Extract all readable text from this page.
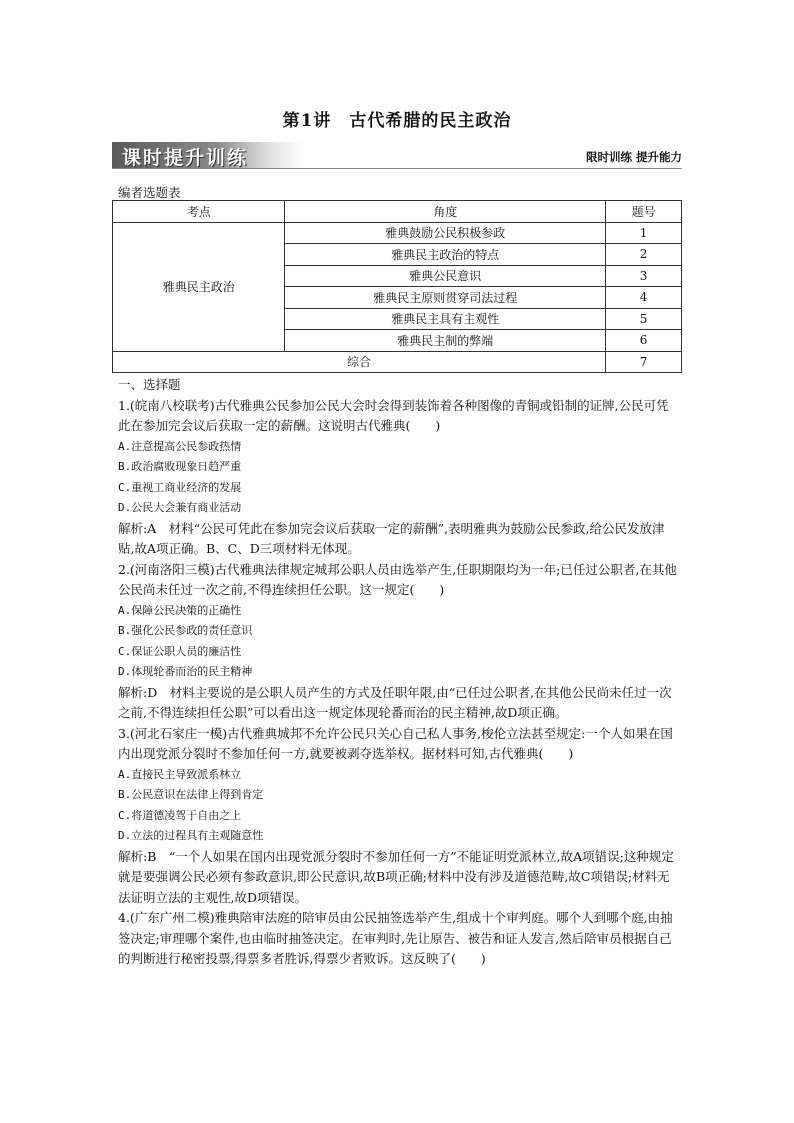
第1讲　古代希腊的民主政治
课时提升训练	限时训练 提升能力
编者选题表
考点	角度	题号
雅典民主政治	雅典鼓励公民积极参政	1
	雅典民主政治的特点	2
	雅典公民意识	3
	雅典民主原则贯穿司法过程	4
	雅典民主具有主观性	5
	雅典民主制的弊端	6
综合		7

一、选择题

1.(皖南八校联考)古代雅典公民参加公民大会时会得到装饰着各种图像的青铜或铅制的证牌,公民可凭此在参加完会议后获取一定的薪酬。这说明古代雅典(　　)

A.注意提高公民参政热情

B.政治腐败现象日趋严重

C.重视工商业经济的发展

D.公民大会兼有商业活动

解析:A　材料“公民可凭此在参加完会议后获取一定的薪酬”,表明雅典为鼓励公民参政,给公民发放津贴,故A项正确。B、C、D三项材料无体现。

2.(河南洛阳三模)古代雅典法律规定城邦公职人员由选举产生,任职期限均为一年;已任过公职者,在其他公民尚未任过一次之前,不得连续担任公职。这一规定(　　)

A.保障公民决策的正确性

B.强化公民参政的责任意识

C.保证公职人员的廉洁性

D.体现轮番而治的民主精神

解析:D　材料主要说的是公职人员产生的方式及任职年限,由“已任过公职者,在其他公民尚未任过一次之前,不得连续担任公职”可以看出这一规定体现轮番而治的民主精神,故D项正确。

3.(河北石家庄一模)古代雅典城邦不允许公民只关心自己私人事务,梭伦立法甚至规定:一个人如果在国内出现党派分裂时不参加任何一方,就要被剥夺选举权。据材料可知,古代雅典(　　)

A.直接民主导致派系林立

B.公民意识在法律上得到肯定

C.将道德凌驾于自由之上

D.立法的过程具有主观随意性

解析:B　“一个人如果在国内出现党派分裂时不参加任何一方”不能证明党派林立,故A项错误;这种规定就是要强调公民必须有参政意识,即公民意识,故B项正确;材料中没有涉及道德范畴,故C项错误;材料无法证明立法的主观性,故D项错误。

4.(广东广州二模)雅典陪审法庭的陪审员由公民抽签选举产生,组成十个审判庭。哪个人到哪个庭,由抽签决定;审理哪个案件,也由临时抽签决定。在审判时,先让原告、被告和证人发言,然后陪审员根据自己的判断进行秘密投票,得票多者胜诉,得票少者败诉。这反映了(　　)
